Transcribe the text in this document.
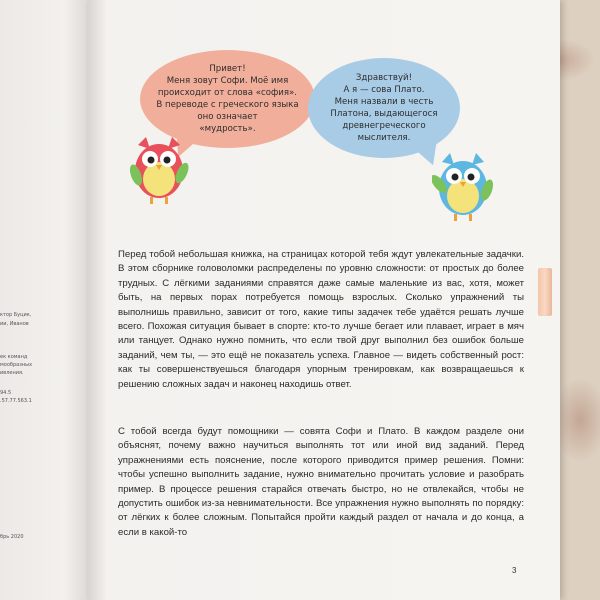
ктор Буцик,
ии, Иванов
ек команд
мообразных
ивления.
94.5
.57.77.563.1
брь 2020
Привет!
Меня зовут Софи. Моё имя
происходит от слова «софия».
В переводе с греческого языка
оно означает
«мудрость».
Здравствуй!
А я — сова Плато.
Меня назвали в честь
Платона, выдающегося
древнегреческого
мыслителя.
Перед тобой небольшая книжка, на страницах которой тебя ждут увлекательные задачки. В этом сборнике головоломки распределены по уровню сложности: от простых до более трудных. С лёгкими заданиями справятся даже самые маленькие из вас, хотя, может быть, на первых порах потребуется помощь взрослых. Сколько упражнений ты выполнишь правильно, зависит от того, какие типы задачек тебе удаётся решать лучше всего. Похожая ситуация бывает в спорте: кто-то лучше бегает или плавает, играет в мяч или танцует. Однако нужно помнить, что если твой друг выполнил без ошибок больше заданий, чем ты, — это ещё не показатель успеха. Главное — видеть собственный рост: как ты совершенствуешься благодаря упорным тренировкам, как возвращаешься к решению сложных задач и наконец находишь ответ.
С тобой всегда будут помощники — совята Софи и Плато. В каждом разделе они объяснят, почему важно научиться выполнять тот или иной вид заданий. Перед упражнениями есть пояснение, после которого приводится пример решения. Помни: чтобы успешно выполнить задание, нужно внимательно прочитать условие и разобрать пример. В процессе решения старайся отвечать быстро, но не отвлекайся, чтобы не допустить ошибок из-за невнимательности. Все упражнения нужно выполнять по порядку: от лёгких к более сложным. Попытайся пройти каждый раздел от начала и до конца, а если в какой-то
3
